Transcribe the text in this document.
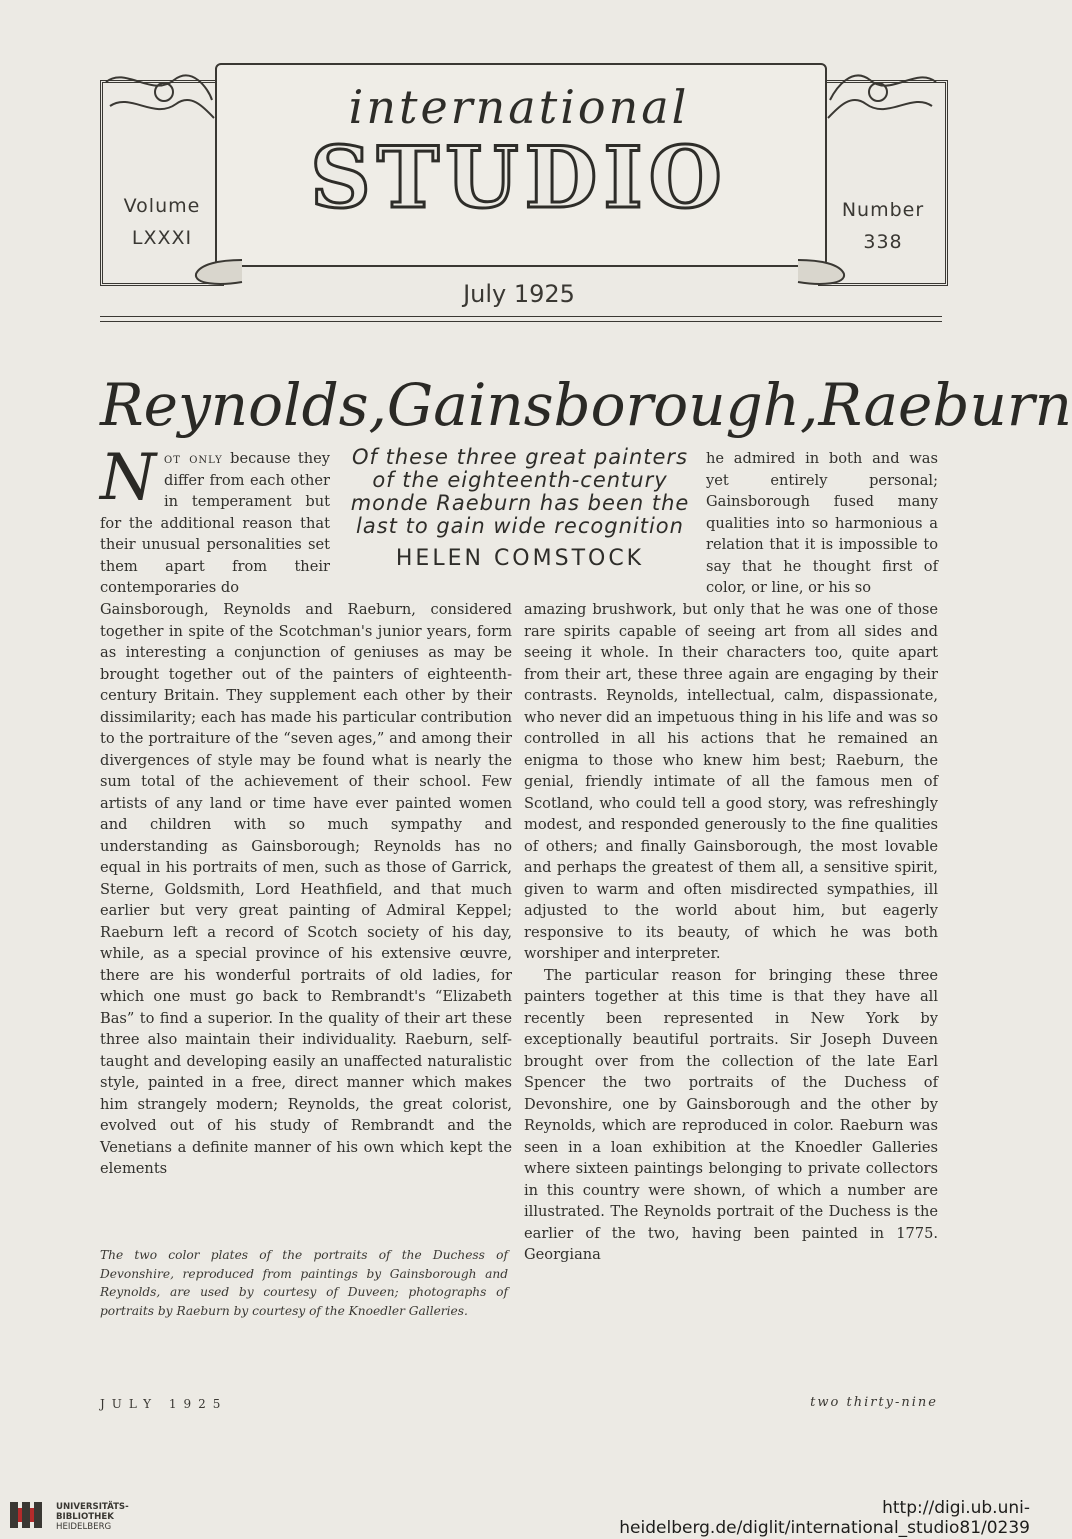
Volume
LXXXI
Number
338
international
STUDIO
July 1925
Reynolds, Gainsborough, Raeburn
Not only because they differ from each other in temperament but for the additional reason that their unusual personalities set them apart from their contemporaries do
Of these three great painters of the eighteenth-century monde Raeburn has been the last to gain wide recognition
HELEN COMSTOCK
he admired in both and was yet entirely personal; Gainsborough fused many qualities into so harmonious a relation that it is impossible to say that he thought first of color, or line, or his so
Gainsborough, Reynolds and Raeburn, considered together in spite of the Scotchman's junior years, form as interesting a conjunction of geniuses as may be brought together out of the painters of eighteenth-century Britain. They supplement each other by their dissimilarity; each has made his particular contribution to the portraiture of the “seven ages,” and among their divergences of style may be found what is nearly the sum total of the achievement of their school. Few artists of any land or time have ever painted women and children with so much sympathy and understanding as Gainsborough; Reynolds has no equal in his portraits of men, such as those of Garrick, Sterne, Goldsmith, Lord Heathfield, and that much earlier but very great painting of Admiral Keppel; Raeburn left a record of Scotch society of his day, while, as a special province of his extensive œuvre, there are his wonderful portraits of old ladies, for which one must go back to Rembrandt's “Elizabeth Bas” to find a superior. In the quality of their art these three also maintain their individuality. Raeburn, self-taught and developing easily an unaffected naturalistic style, painted in a free, direct manner which makes him strangely modern; Reynolds, the great colorist, evolved out of his study of Rembrandt and the Venetians a definite manner of his own which kept the elements

amazing brushwork, but only that he was one of those rare spirits capable of seeing art from all sides and seeing it whole. In their characters too, quite apart from their art, these three again are engaging by their contrasts. Reynolds, intellectual, calm, dispassionate, who never did an impetuous thing in his life and was so controlled in all his actions that he remained an enigma to those who knew him best; Raeburn, the genial, friendly intimate of all the famous men of Scotland, who could tell a good story, was refreshingly modest, and responded generously to the fine qualities of others; and finally Gainsborough, the most lovable and perhaps the greatest of them all, a sensitive spirit, given to warm and often misdirected sympathies, ill adjusted to the world about him, but eagerly responsive to its beauty, of which he was both worshiper and interpreter.

The particular reason for bringing these three painters together at this time is that they have all recently been represented in New York by exceptionally beautiful portraits. Sir Joseph Duveen brought over from the collection of the late Earl Spencer the two portraits of the Duchess of Devonshire, one by Gainsborough and the other by Reynolds, which are reproduced in color. Raeburn was seen in a loan exhibition at the Knoedler Galleries where sixteen paintings belonging to private collectors in this country were shown, of which a number are illustrated. The Reynolds portrait of the Duchess is the earlier of the two, having been painted in 1775. Georgiana

The two color plates of the portraits of the Duchess of Devonshire, reproduced from paintings by Gainsborough and Reynolds, are used by courtesy of Duveen; photographs of portraits by Raeburn by courtesy of the Knoedler Galleries.
JULY 1925	two thirty-nine
UNIVERSITÄTS-
BIBLIOTHEK
HEIDELBERG
http://digi.ub.uni-heidelberg.de/diglit/international_studio81/0239
